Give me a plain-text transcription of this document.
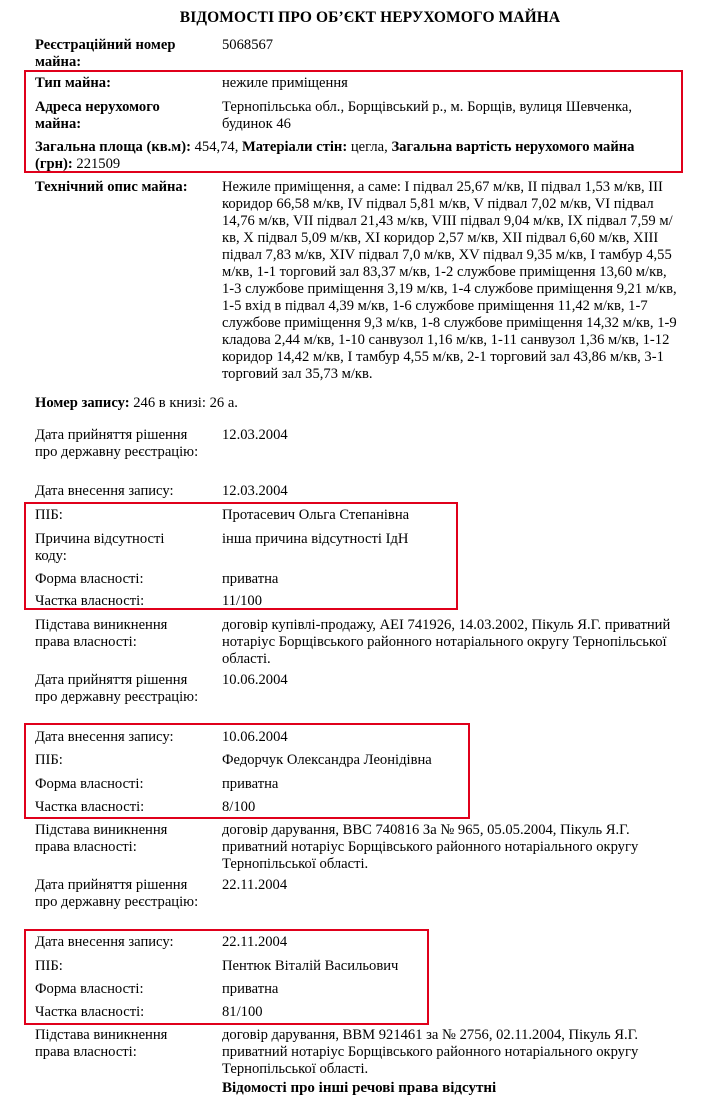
ВІДОМОСТІ ПРО ОБ’ЄКТ НЕРУХОМОГО МАЙНА
Реєстраційний номер майна:
5068567
Тип майна:	нежиле приміщення
Адреса нерухомого майна:
Тернопільська обл., Борщівський р., м. Борщів, вулиця Шевченка, будинок 46
Загальна площа (кв.м): 454,74, Матеріали стін: цегла, Загальна вартість нерухомого майна (грн): 221509
Технічний опис майна:	Нежиле приміщення, а саме: І підвал 25,67 м/кв, ІІ підвал 1,53 м/кв, ІІІ коридор 66,58 м/кв, IV підвал 5,81 м/кв, V підвал 7,02 м/кв, VI підвал 14,76 м/кв, VII підвал 21,43 м/кв, VIII підвал 9,04 м/кв, IX підвал 7,59 м/кв, X підвал 5,09 м/кв, XI коридор 2,57 м/кв, XII підвал 6,60 м/кв, XIII підвал 7,83 м/кв, XIV підвал 7,0 м/кв, XV підвал 9,35 м/кв, І тамбур 4,55 м/кв, 1-1 торговий зал 83,37 м/кв, 1-2 службове приміщення 13,60 м/кв, 1-3 службове приміщення 3,19 м/кв, 1-4 службове приміщення 9,21 м/кв, 1-5 вхід в підвал 4,39 м/кв, 1-6 службове приміщення 11,42 м/кв, 1-7 службове приміщення 9,3 м/кв, 1-8 службове приміщення 14,32 м/кв, 1-9 кладова 2,44 м/кв, 1-10 санвузол 1,16 м/кв, 1-11 санвузол 1,36 м/кв, 1-12 коридор 14,42 м/кв, І тамбур 4,55 м/кв, 2-1 торговий зал 43,86 м/кв, 3-1 торговий зал 35,73 м/кв.
Номер запису: 246 в книзі: 26 а.
Дата прийняття рішення про державну реєстрацію:
12.03.2004
Дата внесення запису:	12.03.2004
ПІБ:	Протасевич Ольга Степанівна
Причина відсутності коду:
інша причина відсутності ІдН
Форма власності:	приватна
Частка власності:	11/100
Підстава виникнення права власності:
договір купівлі-продажу, АЕІ 741926, 14.03.2002, Пікуль Я.Г. приватний нотаріус Борщівського районного нотаріального округу Тернопільської області.
Дата прийняття рішення про державну реєстрацію:
10.06.2004
Дата внесення запису:	10.06.2004
ПІБ:	Федорчук Олександра Леонідівна
Форма власності:	приватна
Частка власності:	8/100
Підстава виникнення права власності:
договір дарування, ВВС 740816 За № 965, 05.05.2004, Пікуль Я.Г. приватний нотаріус Борщівського районного нотаріального округу Тернопільської області.
Дата прийняття рішення про державну реєстрацію:
22.11.2004
Дата внесення запису:	22.11.2004
ПІБ:	Пентюк Віталій Васильович
Форма власності:	приватна
Частка власності:	81/100
Підстава виникнення права власності:
договір дарування, ВВМ 921461 за № 2756, 02.11.2004, Пікуль Я.Г. приватний нотаріус Борщівського районного нотаріального округу Тернопільської області.
Відомості про інші речові права відсутні
